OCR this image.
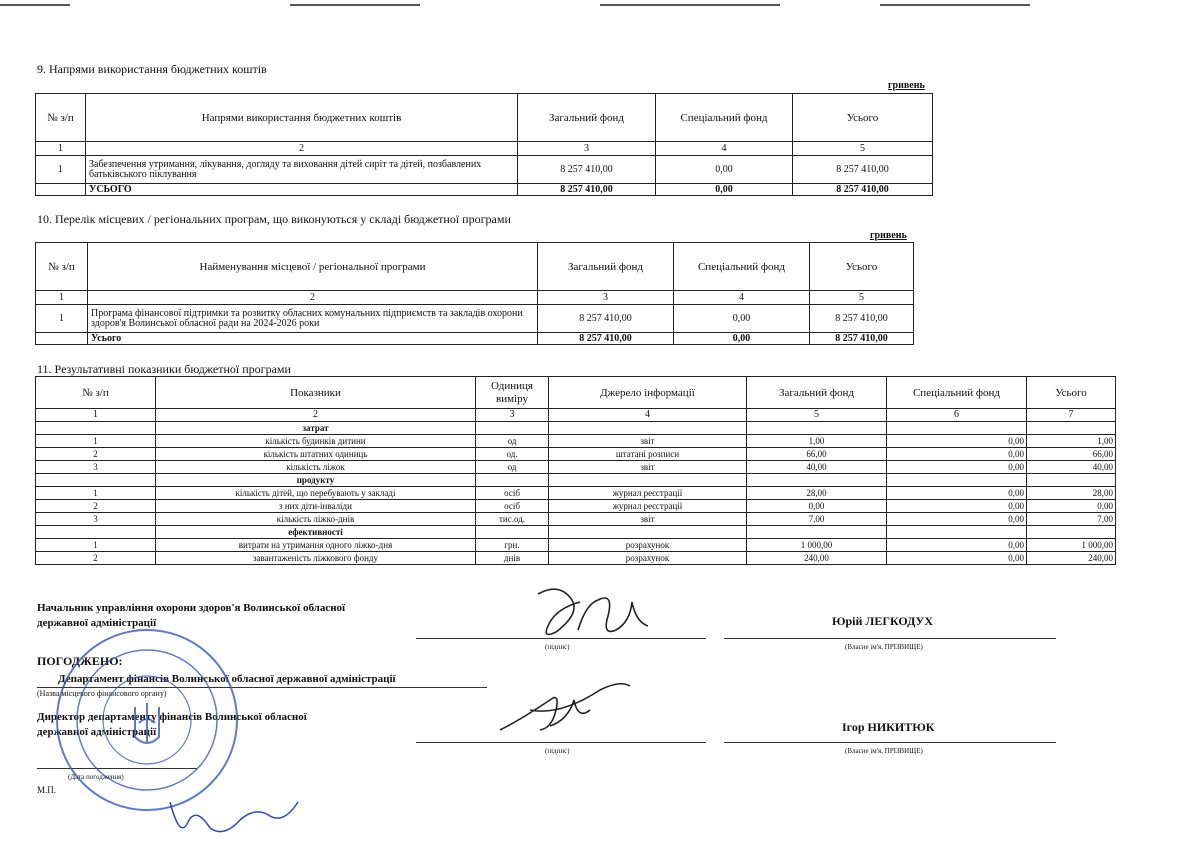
9. Напрями використання бюджетних коштів
гривень
№ з/п	Напрями використання бюджетних коштів	Загальний фонд	Спеціальний фонд	Усього
1	2	3	4	5
1	Забезпечення утримання, лікування, догляду та виховання дітей сиріт та дітей, позбавлених батьківського піклування	8 257 410,00	0,00	8 257 410,00
	УСЬОГО	8 257 410,00	0,00	8 257 410,00
10. Перелік місцевих / регіональних програм, що виконуються у складі бюджетної програми
гривень
№ з/п	Найменування місцевої / регіональної програми	Загальний фонд	Спеціальний фонд	Усього
1	2	3	4	5
1	Програма фінансової підтримки та розвитку обласних комунальних підприємств та закладів охорони здоров'я Волинської обласної ради на 2024-2026 роки	8 257 410,00	0,00	8 257 410,00
	Усього	8 257 410,00	0,00	8 257 410,00
11. Результативні показники бюджетної програми
№ з/п	Показники	Одиниця виміру	Джерело інформації	Загальний фонд	Спеціальний фонд	Усього
1	2	3	4	5	6	7
	затрат					
1	кількість будинків дитини	од	звіт	1,00	0,00	1,00
2	кількість штатних одиниць	од.	штатані розписи	66,00	0,00	66,00
3	кількість ліжок	од	звіт	40,00	0,00	40,00
	продукту					
1	кількість дітей, що перебувають у закладі	осіб	журнал реєстрації	28,00	0,00	28,00
2	з них діти-інваліди	осіб	журнал реєстрації	0,00	0,00	0,00
3	кількість ліжко-днів	тис.од.	звіт	7,00	0,00	7,00
	ефективності					
1	витрати на утримання одного ліжко-дня	грн.	розрахунок	1 000,00	0,00	1 000,00
2	завантаженість ліжкового фонду	днів	розрахунок	240,00	0,00	240,00
Начальник управління охорони здоров'я Волинської обласної
державної адміністрації
(підпис)
Юрій ЛЕГКОДУХ
(Власне ім'я, ПРІЗВИЩЕ)
ПОГОДЖЕНО:
Департамент фінансів Волинської обласної державної адміністрації
(Назва місцевого фінансового органу)
Директор департаменту фінансів Волинської обласної
державної адміністрації
(підпис)
Ігор НИКИТЮК
(Власне ім'я, ПРІЗВИЩЕ)
(Дата погодження)
М.П.
